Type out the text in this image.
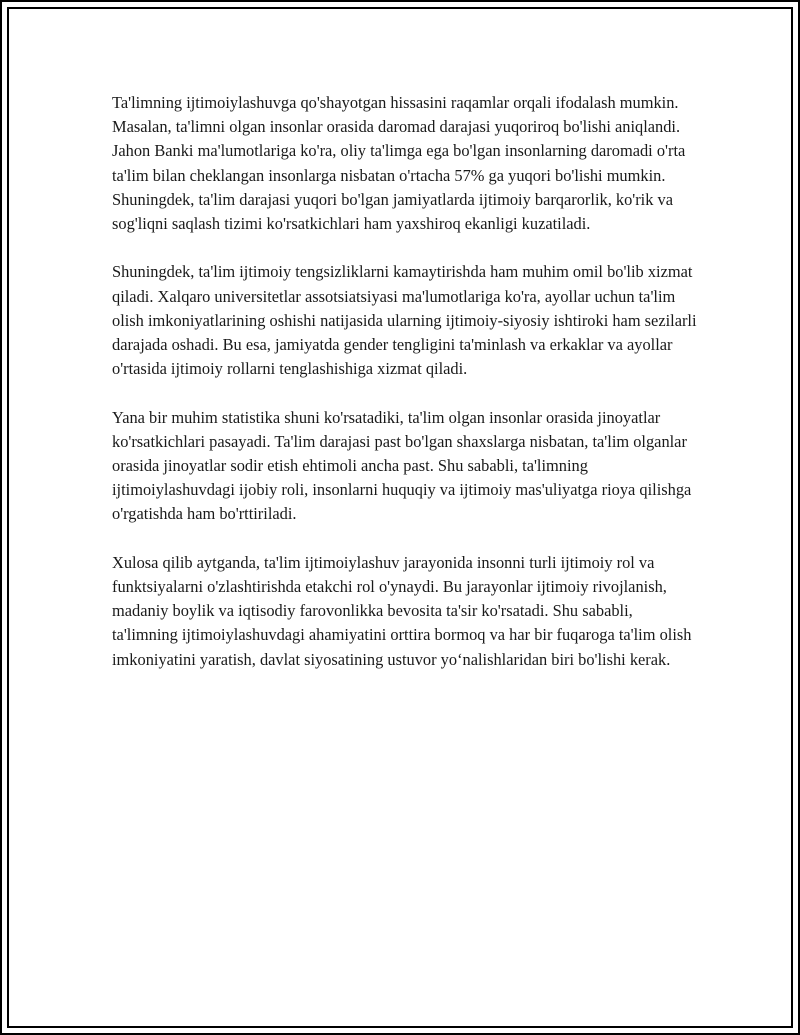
Ta'limning ijtimoiylashuvga qo'shayotgan hissasini raqamlar orqali ifodalash mumkin. Masalan, ta'limni olgan insonlar orasida daromad darajasi yuqoriroq bo'lishi aniqlandi. Jahon Banki ma'lumotlariga ko'ra, oliy ta'limga ega bo'lgan insonlarning daromadi o'rta ta'lim bilan cheklangan insonlarga nisbatan o'rtacha 57% ga yuqori bo'lishi mumkin. Shuningdek, ta'lim darajasi yuqori bo'lgan jamiyatlarda ijtimoiy barqarorlik, ko'rik va sog'liqni saqlash tizimi ko'rsatkichlari ham yaxshiroq ekanligi kuzatiladi.

Shuningdek, ta'lim ijtimoiy tengsizliklarni kamaytirishda ham muhim omil bo'lib xizmat qiladi. Xalqaro universitetlar assotsiatsiyasi ma'lumotlariga ko'ra, ayollar uchun ta'lim olish imkoniyatlarining oshishi natijasida ularning ijtimoiy-siyosiy ishtiroki ham sezilarli darajada oshadi. Bu esa, jamiyatda gender tengligini ta'minlash va erkaklar va ayollar o'rtasida ijtimoiy rollarni tenglashishiga xizmat qiladi.

Yana bir muhim statistika shuni ko'rsatadiki, ta'lim olgan insonlar orasida jinoyatlar ko'rsatkichlari pasayadi. Ta'lim darajasi past bo'lgan shaxslarga nisbatan, ta'lim olganlar orasida jinoyatlar sodir etish ehtimoli ancha past. Shu sababli, ta'limning ijtimoiylashuvdagi ijobiy roli, insonlarni huquqiy va ijtimoiy mas'uliyatga rioya qilishga o'rgatishda ham bo'rttiriladi.

Xulosa qilib aytganda, ta'lim ijtimoiylashuv jarayonida insonni turli ijtimoiy rol va funktsiyalarni o'zlashtirishda etakchi rol o'ynaydi. Bu jarayonlar ijtimoiy rivojlanish, madaniy boylik va iqtisodiy farovonlikka bevosita ta'sir ko'rsatadi. Shu sababli, ta'limning ijtimoiylashuvdagi ahamiyatini orttira bormoq va har bir fuqaroga ta'lim olish imkoniyatini yaratish, davlat siyosatining ustuvor yo‘nalishlaridan biri bo'lishi kerak.
